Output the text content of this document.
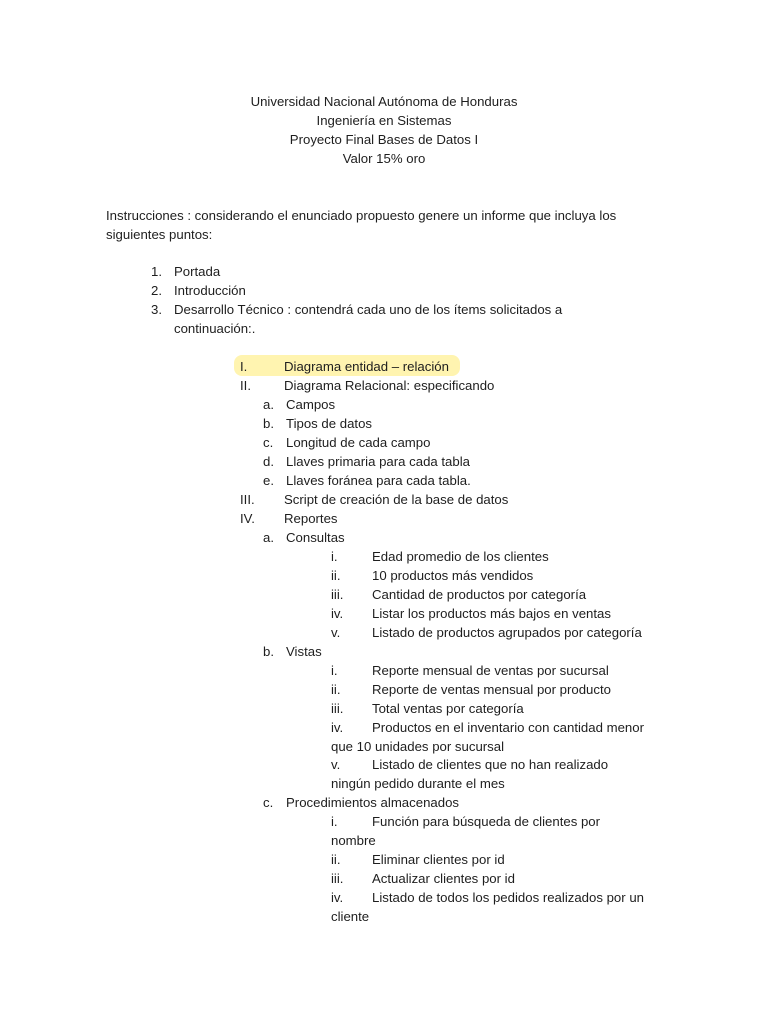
Universidad Nacional Autónoma de Honduras
Ingeniería en Sistemas
Proyecto Final Bases de Datos I
Valor 15% oro
Instrucciones : considerando el enunciado propuesto genere un informe que incluya los
siguientes puntos:
1. Portada
2. Introducción
3. Desarrollo Técnico : contendrá cada uno de los ítems solicitados a
continuación:.
I.	Diagrama entidad – relación
II.	Diagrama Relacional: especificando
a. Campos
b. Tipos de datos
c. Longitud de cada campo
d. Llaves primaria para cada tabla
e. Llaves foránea para cada tabla.
III. Script de creación de la base de datos
IV. Reportes
a. Consultas
i.	Edad promedio de los clientes
ii. 10 productos más vendidos
iii. Cantidad de productos por categoría
iv. Listar los productos más bajos en ventas
v. Listado de productos agrupados por categoría
b. Vistas
i.	Reporte mensual de ventas por sucursal
ii. Reporte de ventas mensual por producto
iii. Total ventas por categoría
iv. Productos en el inventario con cantidad menor
que 10 unidades por sucursal
v. Listado de clientes que no han realizado
ningún pedido durante el mes
c. Procedimientos almacenados
i.	Función para búsqueda de clientes por
nombre
ii. Eliminar clientes por id
iii. Actualizar clientes por id
iv. Listado de todos los pedidos realizados por un
cliente
